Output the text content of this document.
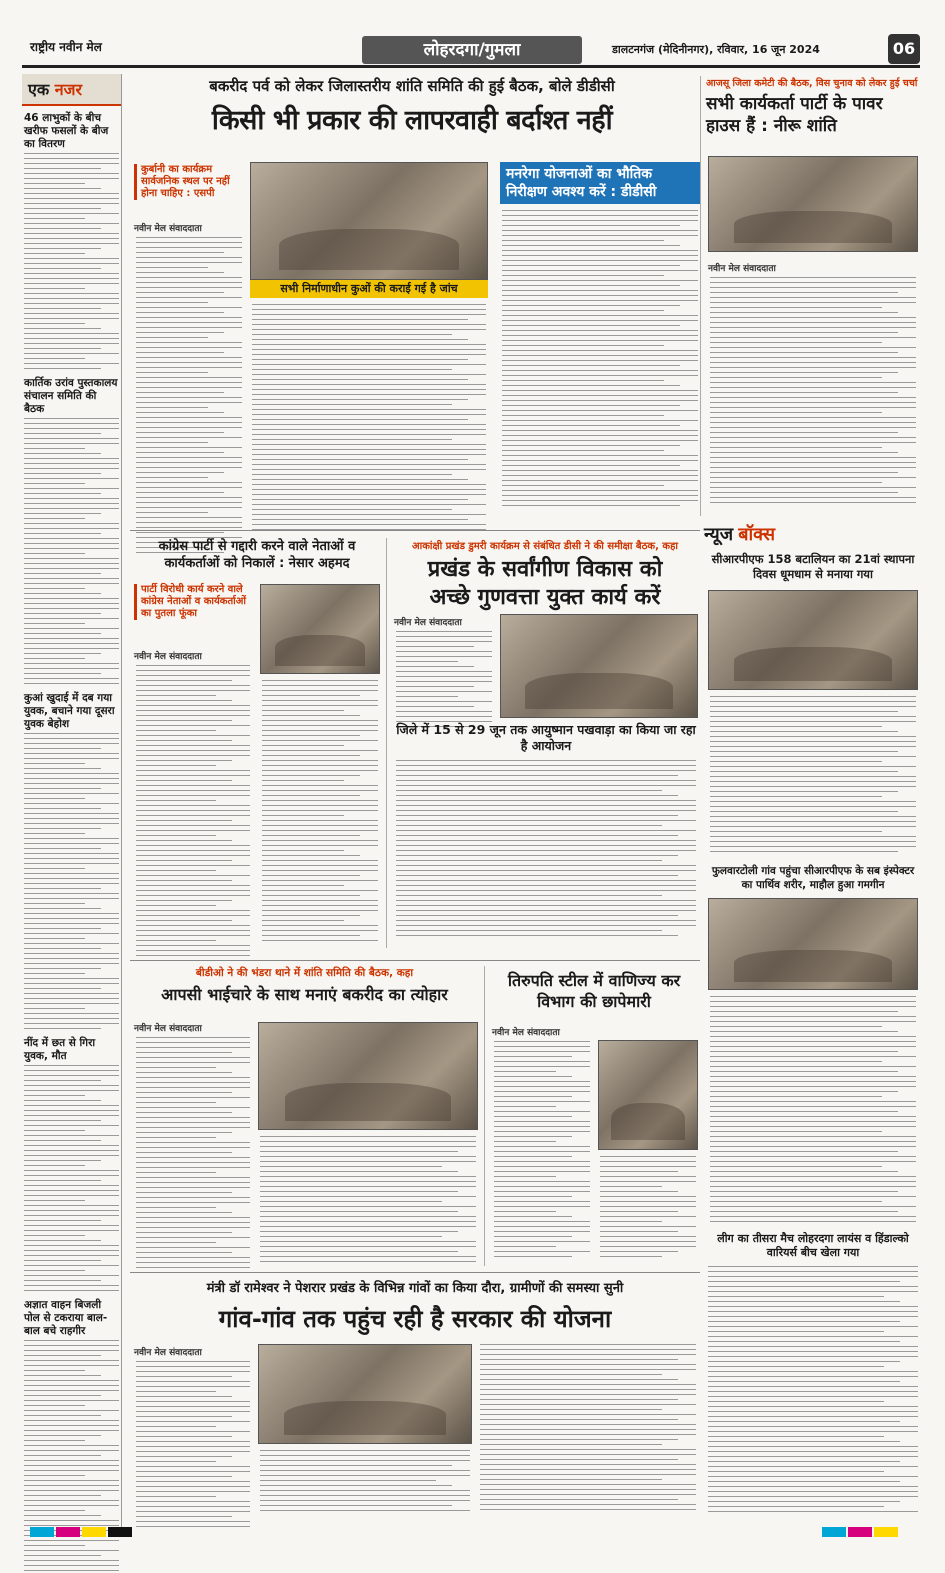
राष्ट्रीय नवीन मेल	लोहरदगा/गुमला	डालटनगंज (मेदिनीनगर), रविवार, 16 जून 2024	06
एक नजर
46 लाभुकों के बीच खरीफ फसलों के बीज का वितरण
कार्तिक उरांव पुस्तकालय संचालन समिति की बैठक
कुआं खुदाई में दब गया युवक, बचाने गया दूसरा युवक बेहोश
नींद में छत से गिरा युवक, मौत
अज्ञात वाहन बिजली पोल से टकराया बाल-बाल बचे राहगीर
बकरीद पर्व को लेकर जिलास्तरीय शांति समिति की हुई बैठक, बोले डीडीसी
किसी भी प्रकार की लापरवाही बर्दाश्त नहीं
कुर्बानी का कार्यक्रम सार्वजनिक स्थल पर नहीं होना चाहिए : एसपी
नवीन मेल संवाददाता
सभी निर्माणाधीन कुओं की कराई गई है जांच
मनरेगा योजनाओं का भौतिक निरीक्षण अवश्य करें : डीडीसी
आजसू जिला कमेटी की बैठक, विस चुनाव को लेकर हुई चर्चा
सभी कार्यकर्ता पार्टी के पावर हाउस हैं : नीरू शांति
नवीन मेल संवाददाता
कांग्रेस पार्टी से गद्दारी करने वाले नेताओं व कार्यकर्ताओं को निकालें : नेसार अहमद
पार्टी विरोधी कार्य करने वाले कांग्रेस नेताओं व कार्यकर्ताओं का पुतला फूंका
नवीन मेल संवाददाता
आकांक्षी प्रखंड डुमरी कार्यक्रम से संबंधित डीसी ने की समीक्षा बैठक, कहा
प्रखंड के सर्वांगीण विकास को
अच्छे गुणवत्ता युक्त कार्य करें
नवीन मेल संवाददाता
जिले में 15 से 29 जून तक आयुष्मान पखवाड़ा का किया जा रहा है आयोजन
न्यूज बॉक्स
सीआरपीएफ 158 बटालियन का 21वां स्थापना दिवस धूमधाम से मनाया गया
फुलवारटोली गांव पहुंचा सीआरपीएफ के सब इंस्पेक्टर का पार्थिव शरीर, माहौल हुआ गमगीन
लीग का तीसरा मैच लोहरदगा लायंस व हिंडाल्को वारियर्स बीच खेला गया
बीडीओ ने की भंडरा थाने में शांति समिति की बैठक, कहा
आपसी भाईचारे के साथ मनाएं बकरीद का त्योहार
नवीन मेल संवाददाता
तिरुपति स्टील में वाणिज्य कर विभाग की छापेमारी
नवीन मेल संवाददाता
मंत्री डॉ रामेश्वर ने पेशरार प्रखंड के विभिन्न गांवों का किया दौरा, ग्रामीणों की समस्या सुनी
गांव-गांव तक पहुंच रही है सरकार की योजना
नवीन मेल संवाददाता
